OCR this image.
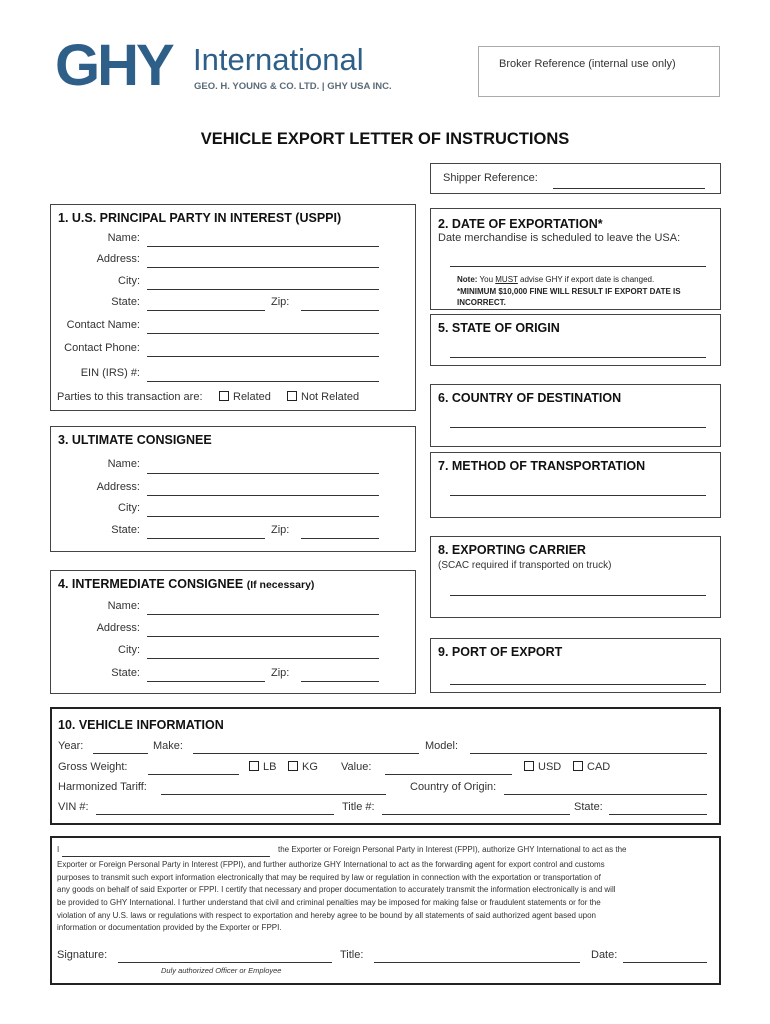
GHY International
GEO. H. YOUNG & CO. LTD. | GHY USA INC.
Broker Reference (internal use only)
VEHICLE EXPORT LETTER OF INSTRUCTIONS
Shipper Reference:
1. U.S. PRINCIPAL PARTY IN INTEREST (USPPI)
Name:
Address:
City:
State:	Zip:
Contact Name:
Contact Phone:
EIN (IRS) #:
Parties to this transaction are:	Related	Not Related
2. DATE OF EXPORTATION*
Date merchandise is scheduled to leave the USA:
Note: You MUST advise GHY if export date is changed.
*MINIMUM $10,000 FINE WILL RESULT IF EXPORT DATE IS
INCORRECT.
5. STATE OF ORIGIN
6. COUNTRY OF DESTINATION
3. ULTIMATE CONSIGNEE
Name:
Address:
City:
State:	Zip:
7. METHOD OF TRANSPORTATION
8. EXPORTING CARRIER
(SCAC required if transported on truck)
4. INTERMEDIATE CONSIGNEE (If necessary)
Name:
Address:
City:
State:	Zip:
9. PORT OF EXPORT
10. VEHICLE INFORMATION
Year:	Make:	Model:
Gross Weight:	LB	KG Value:	USD	CAD
Harmonized Tariff:	Country of Origin:
VIN #:	Title #:	State:
I	the Exporter or Foreign Personal Party in Interest (FPPI), authorize GHY International to act as the
Exporter or Foreign Personal Party in Interest (FPPI), and further authorize GHY International to act as the forwarding agent for export control and customs
purposes to transmit such export information electronically that may be required by law or regulation in connection with the exportation or transportation of
any goods on behalf of said Exporter or FPPI. I certify that necessary and proper documentation to accurately transmit the information electronically is and will
be provided to GHY International. I further understand that civil and criminal penalties may be imposed for making false or fraudulent statements or for the
violation of any U.S. laws or regulations with respect to exportation and hereby agree to be bound by all statements of said authorized agent based upon
information or documentation provided by the Exporter or FPPI.
Signature:	Title:	Date:
Duly authorized Officer or Employee
